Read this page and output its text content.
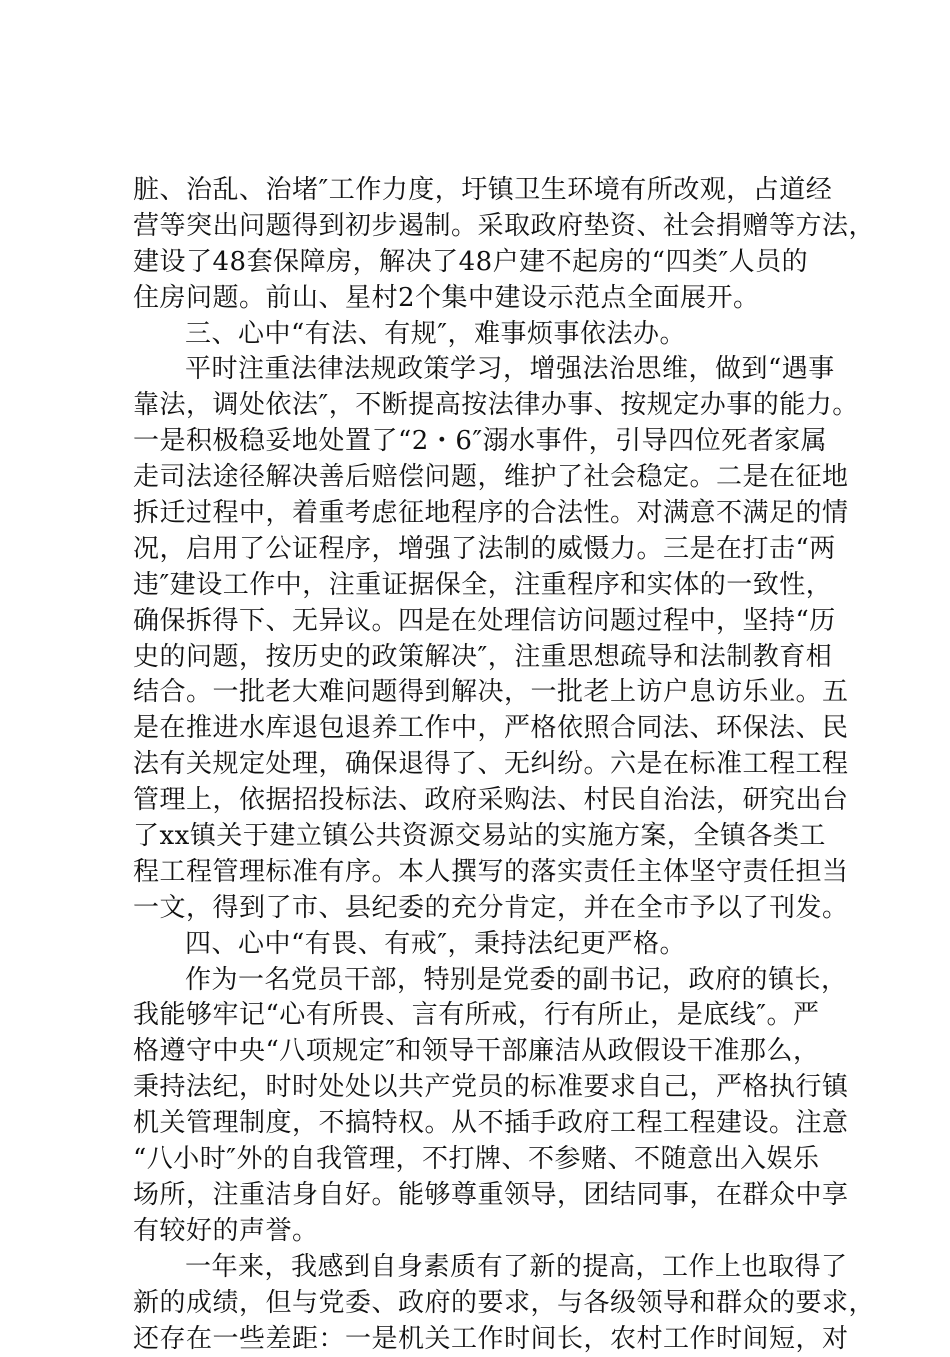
脏、治乱、治堵″工作力度，圩镇卫生环境有所改观，占道经
营等突出问题得到初步遏制。采取政府垫资、社会捐赠等方法，
建设了48套保障房，解决了48户建不起房的“四类″人员的
住房问题。前山、星村2个集中建设示范点全面展开。
三、心中“有法、有规″，难事烦事依法办。
平时注重法律法规政策学习，增强法治思维，做到“遇事
靠法，调处依法″，不断提高按法律办事、按规定办事的能力。
一是积极稳妥地处置了“2・6″溺水事件，引导四位死者家属
走司法途径解决善后赔偿问题，维护了社会稳定。二是在征地
拆迁过程中，着重考虑征地程序的合法性。对满意不满足的情
况，启用了公证程序，增强了法制的威慑力。三是在打击“两
违″建设工作中，注重证据保全，注重程序和实体的一致性，
确保拆得下、无异议。四是在处理信访问题过程中，坚持“历
史的问题，按历史的政策解决″，注重思想疏导和法制教育相
结合。一批老大难问题得到解决，一批老上访户息访乐业。五
是在推进水库退包退养工作中，严格依照合同法、环保法、民
法有关规定处理，确保退得了、无纠纷。六是在标准工程工程
管理上，依据招投标法、政府采购法、村民自治法，研究出台
了xx镇关于建立镇公共资源交易站的实施方案，全镇各类工
程工程管理标准有序。本人撰写的落实责任主体坚守责任担当
一文，得到了市、县纪委的充分肯定，并在全市予以了刊发。
四、心中“有畏、有戒″，秉持法纪更严格。
作为一名党员干部，特别是党委的副书记，政府的镇长，
我能够牢记“心有所畏、言有所戒，行有所止，是底线″。严
格遵守中央“八项规定″和领导干部廉洁从政假设干准那么，
秉持法纪，时时处处以共产党员的标准要求自己，严格执行镇
机关管理制度，不搞特权。从不插手政府工程工程建设。注意
“八小时″外的自我管理，不打牌、不参赌、不随意出入娱乐
场所，注重洁身自好。能够尊重领导，团结同事，在群众中享
有较好的声誉。
一年来，我感到自身素质有了新的提高，工作上也取得了
新的成绩，但与党委、政府的要求，与各级领导和群众的要求，
还存在一些差距：一是机关工作时间长，农村工作时间短，对
